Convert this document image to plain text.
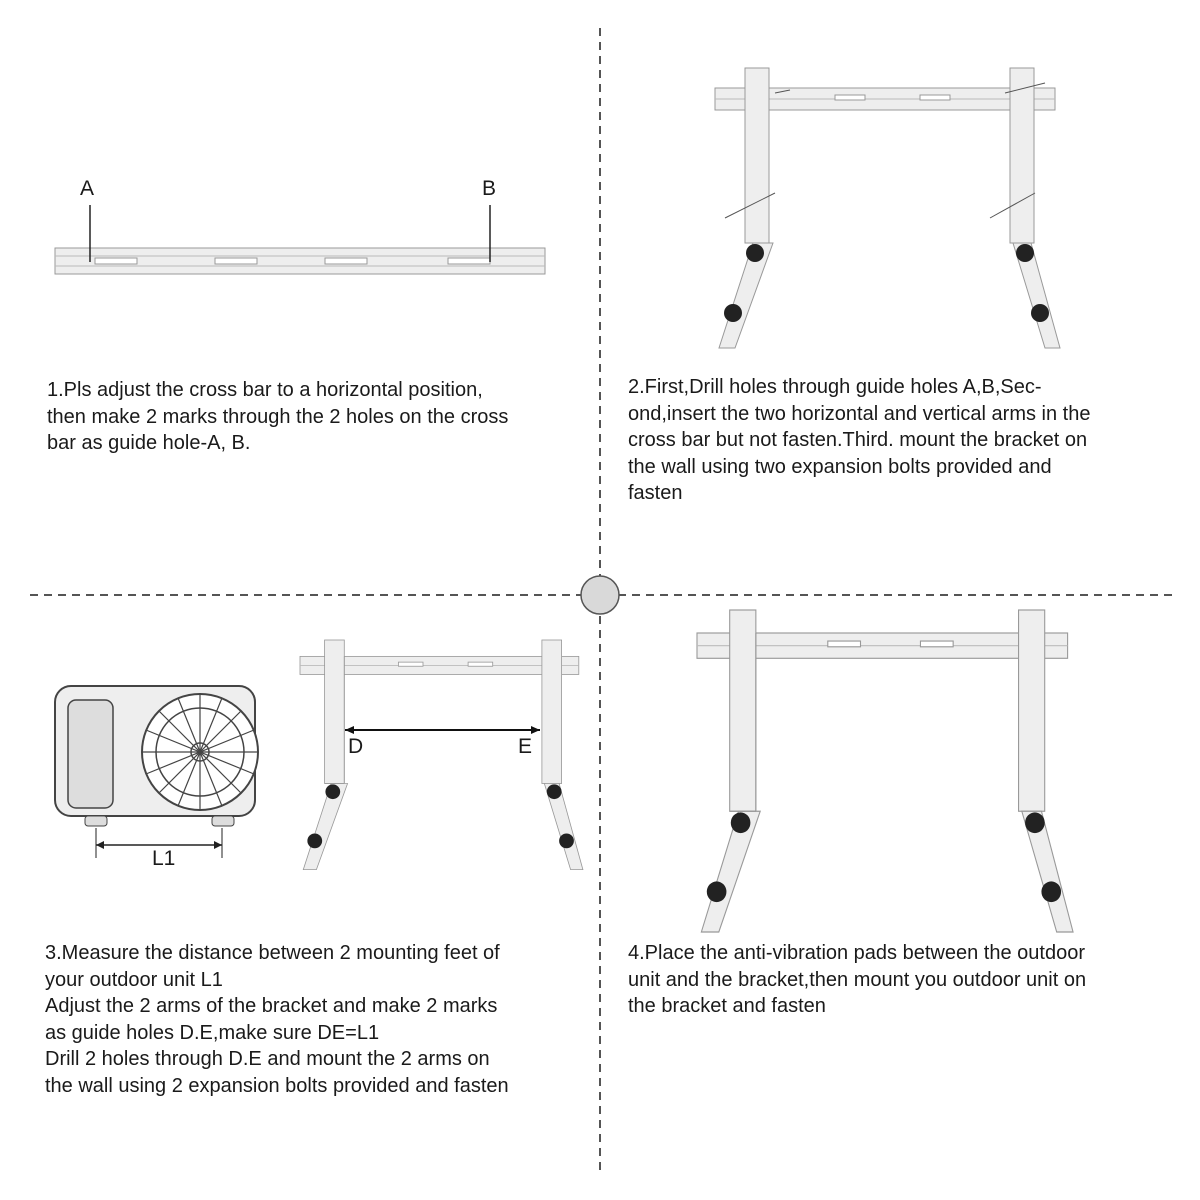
A	B
D	E
L1
1.Pls adjust the cross bar to a horizontal position,
then make 2 marks through the 2 holes on the cross
bar as guide hole-A, B.
2.First,Drill holes through guide holes A,B,Sec-
ond,insert the two horizontal and vertical arms in the
cross bar but not fasten.Third. mount the bracket on
the wall using two expansion bolts provided and
fasten
3.Measure the distance between 2 mounting feet of
your outdoor unit L1
Adjust the 2 arms of the bracket and make 2 marks
as guide holes D.E,make sure DE=L1
Drill 2 holes through D.E and mount the 2 arms on
the wall using 2 expansion bolts provided and fasten
4.Place the anti-vibration pads between the outdoor
unit and the bracket,then mount you outdoor unit on
the bracket and fasten
